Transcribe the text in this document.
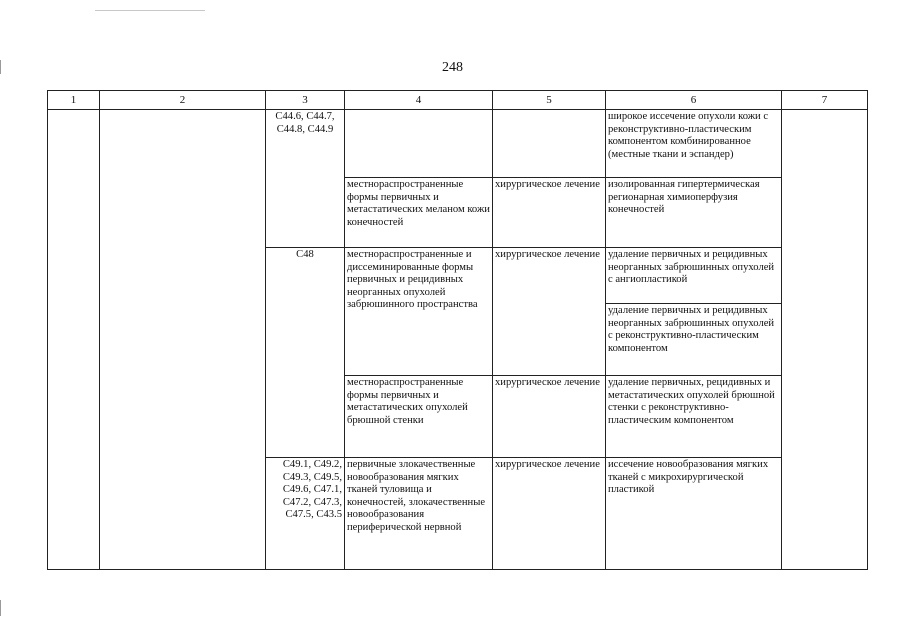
248
1	2	3	4	5	6	7
		С44.6, С44.7, С44.8, С44.9			широкое иссечение опухоли кожи с реконструктивно-пластическим компонентом комбинированное (местные ткани и эспандер)	
			местнораспространенные формы первичных и метастатических меланом кожи конечностей	хирургическое лечение	изолированная гипертермическая регионарная химиоперфузия конечностей	
		С48	местнораспространенные и диссеминированные формы первичных и рецидивных неорганных опухолей забрюшинного пространства	хирургическое лечение	удаление первичных и рецидивных неорганных забрюшинных опухолей с ангиопластикой	
					удаление первичных и рецидивных неорганных забрюшинных опухолей с реконструктивно-пластическим компонентом	
			местнораспространенные формы первичных и метастатических опухолей брюшной стенки	хирургическое лечение	удаление первичных, рецидивных и метастатических опухолей брюшной стенки с реконструктивно-пластическим компонентом	
		С49.1, С49.2, С49.3, С49.5, С49.6, С47.1, С47.2, С47.3, С47.5, С43.5	первичные злокачественные новообразования мягких тканей туловища и конечностей, злокачественные новообразования периферической нервной	хирургическое лечение	иссечение новообразования мягких тканей с микрохирургической пластикой	
